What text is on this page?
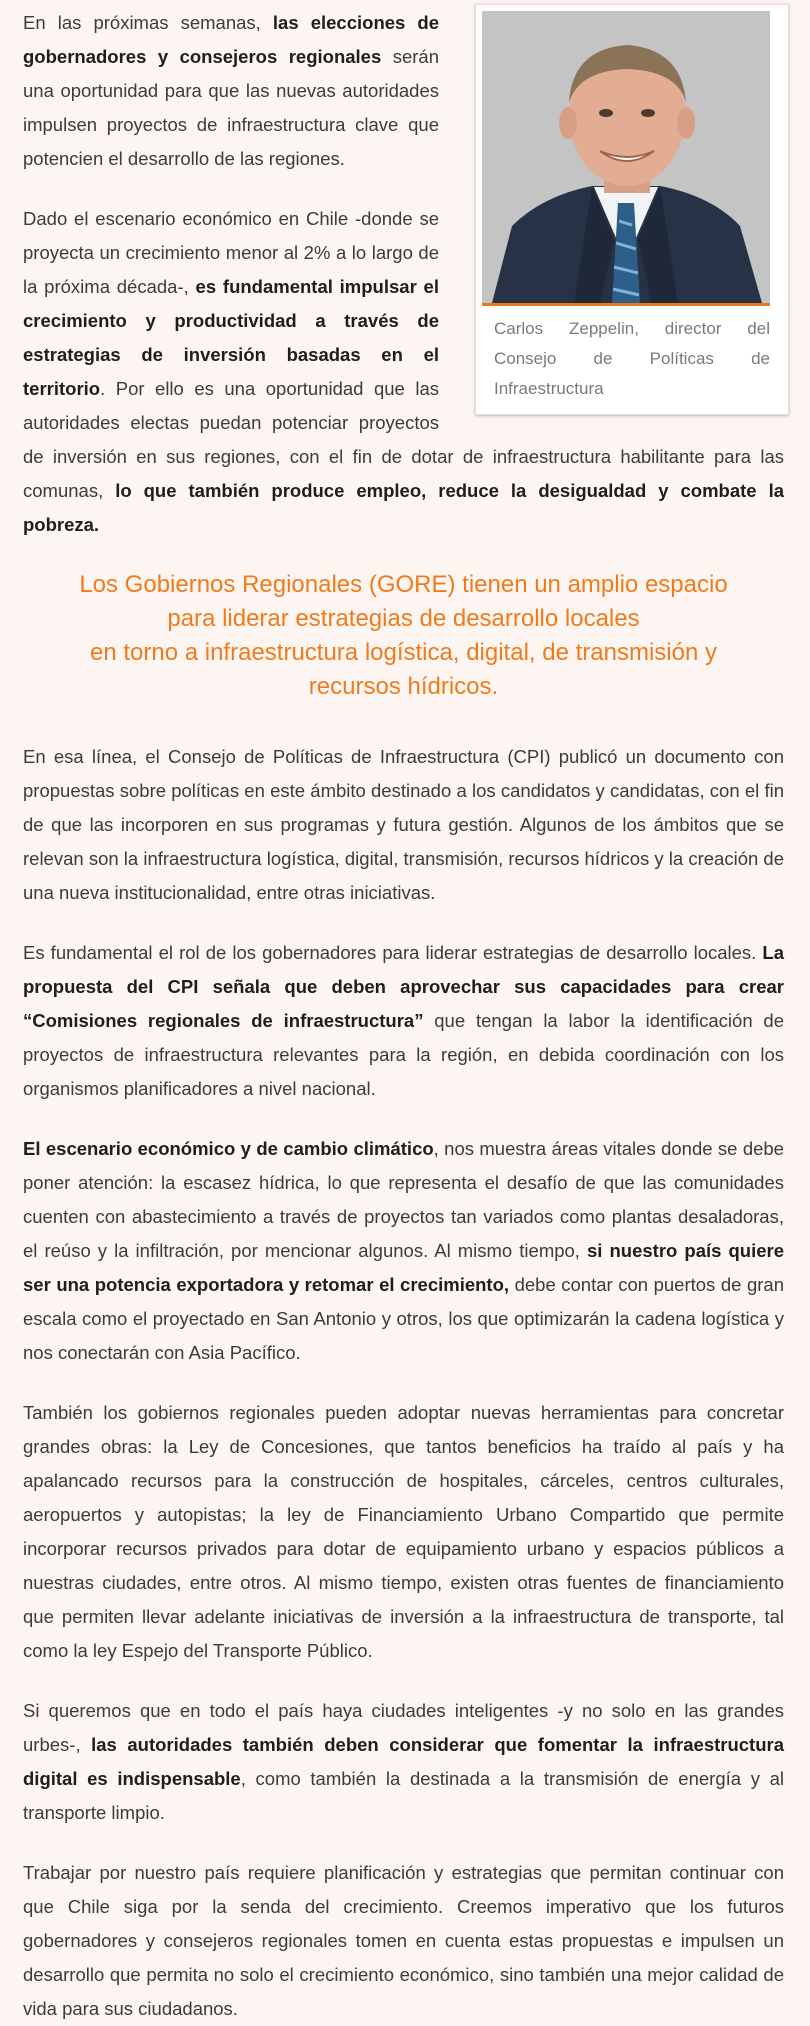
Carlos Zeppelin, director del Consejo de Políticas de Infraestructura

En las próximas semanas, las elecciones de gobernadores y consejeros regionales serán una oportunidad para que las nuevas autoridades impulsen proyectos de infraestructura clave que potencien el desarrollo de las regiones.

Dado el escenario económico en Chile -donde se proyecta un crecimiento menor al 2% a lo largo de la próxima década-, es fundamental impulsar el crecimiento y productividad a través de estrategias de inversión basadas en el territorio. Por ello es una oportunidad que las autoridades electas puedan potenciar proyectos de inversión en sus regiones, con el fin de dotar de infraestructura habilitante para las comunas, lo que también produce empleo, reduce la desigualdad y combate la pobreza.

Los Gobiernos Regionales (GORE) tienen un amplio espacio para liderar estrategias de desarrollo locales
en torno a infraestructura logística, digital, de transmisión y recursos hídricos.

En esa línea, el Consejo de Políticas de Infraestructura (CPI) publicó un documento con propuestas sobre políticas en este ámbito destinado a los candidatos y candidatas, con el fin de que las incorporen en sus programas y futura gestión. Algunos de los ámbitos que se relevan son la infraestructura logística, digital, transmisión, recursos hídricos y la creación de una nueva institucionalidad, entre otras iniciativas.

Es fundamental el rol de los gobernadores para liderar estrategias de desarrollo locales. La propuesta del CPI señala que deben aprovechar sus capacidades para crear “Comisiones regionales de infraestructura” que tengan la labor la identificación de proyectos de infraestructura relevantes para la región, en debida coordinación con los organismos planificadores a nivel nacional.

El escenario económico y de cambio climático, nos muestra áreas vitales donde se debe poner atención: la escasez hídrica, lo que representa el desafío de que las comunidades cuenten con abastecimiento a través de proyectos tan variados como plantas desaladoras, el reúso y la infiltración, por mencionar algunos. Al mismo tiempo, si nuestro país quiere ser una potencia exportadora y retomar el crecimiento, debe contar con puertos de gran escala como el proyectado en San Antonio y otros, los que optimizarán la cadena logística y nos conectarán con Asia Pacífico.

También los gobiernos regionales pueden adoptar nuevas herramientas para concretar grandes obras: la Ley de Concesiones, que tantos beneficios ha traído al país y ha apalancado recursos para la construcción de hospitales, cárceles, centros culturales, aeropuertos y autopistas; la ley de Financiamiento Urbano Compartido que permite incorporar recursos privados para dotar de equipamiento urbano y espacios públicos a nuestras ciudades, entre otros. Al mismo tiempo, existen otras fuentes de financiamiento que permiten llevar adelante iniciativas de inversión a la infraestructura de transporte, tal como la ley Espejo del Transporte Público.

Si queremos que en todo el país haya ciudades inteligentes -y no solo en las grandes urbes-, las autoridades también deben considerar que fomentar la infraestructura digital es indispensable, como también la destinada a la transmisión de energía y al transporte limpio.

Trabajar por nuestro país requiere planificación y estrategias que permitan continuar con que Chile siga por la senda del crecimiento. Creemos imperativo que los futuros gobernadores y consejeros regionales tomen en cuenta estas propuestas e impulsen un desarrollo que permita no solo el crecimiento económico, sino también una mejor calidad de vida para sus ciudadanos.
